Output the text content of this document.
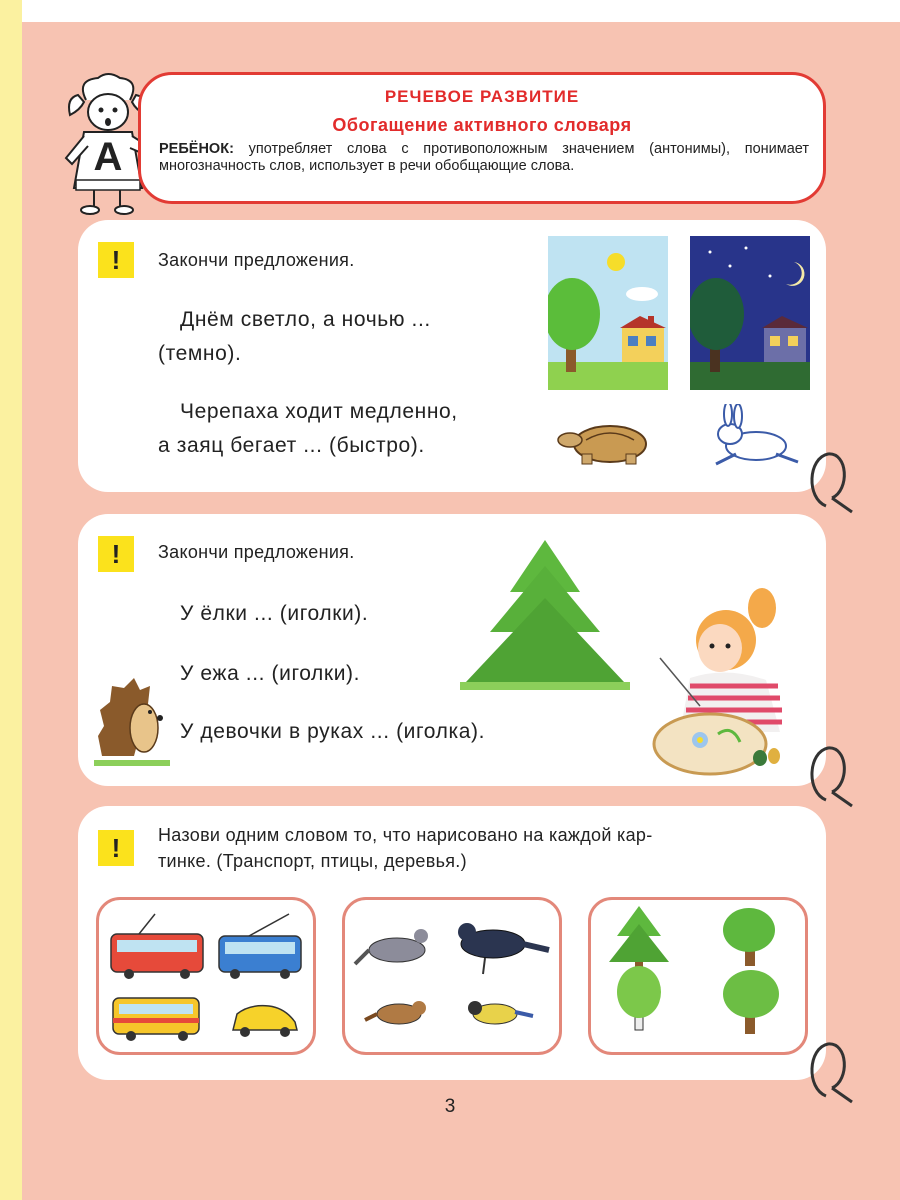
А
РЕЧЕВОЕ РАЗВИТИЕ
Обогащение активного словаря
РЕБЁНОК: употребляет слова с противоположным значением (антонимы), понимает многозначность слов, использует в речи обобщающие слова.
!	Закончи предложения.
Днём светло, а ночью ...
(темно).
Черепаха ходит медленно,
а заяц бегает ... (быстро).
!	Закончи предложения.
У ёлки ... (иголки).
У ежа ... (иголки).
У девочки в руках ... (иголка).
!	Назови одним словом то, что нарисовано на каждой кар-
тинке. (Транспорт, птицы, деревья.)
3
